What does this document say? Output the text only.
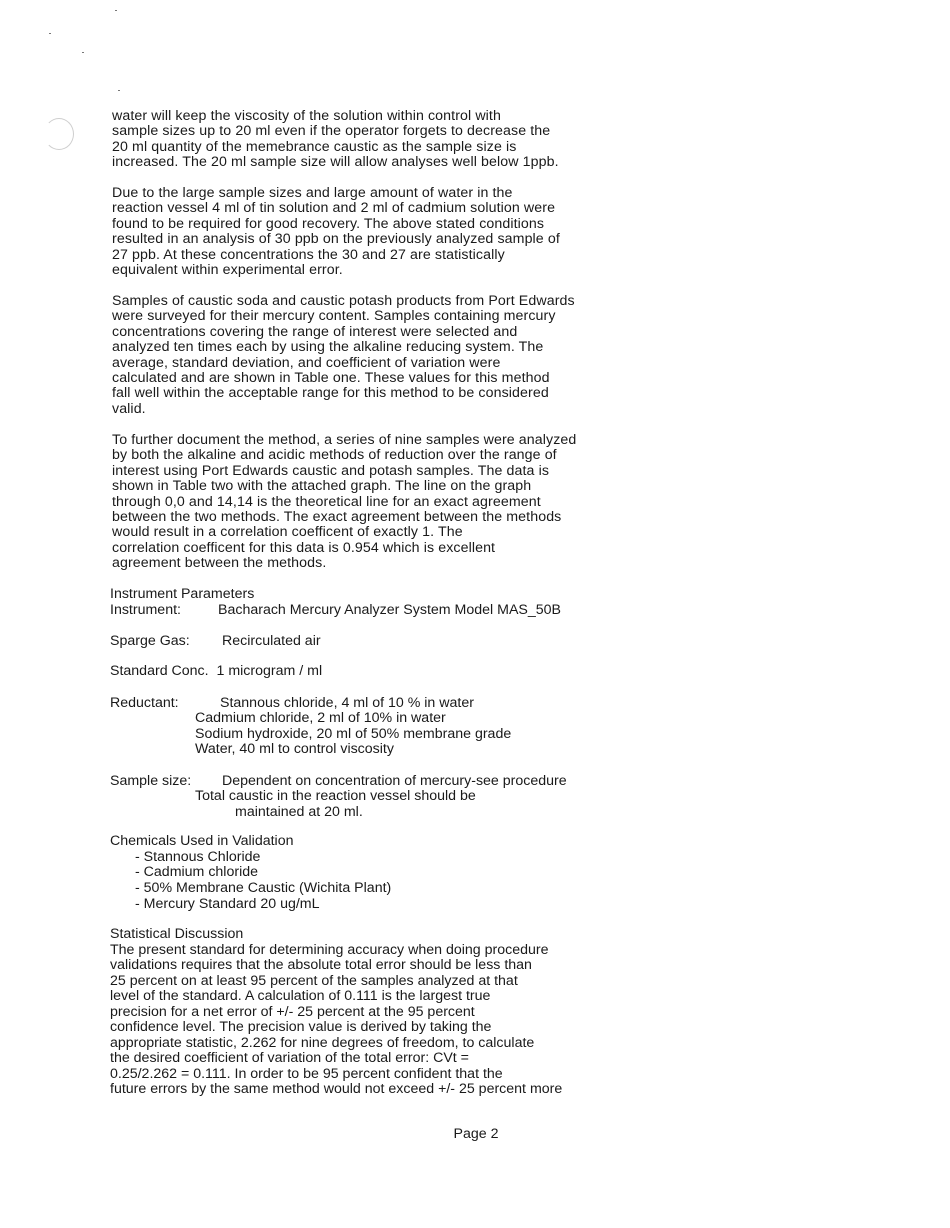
water will keep the viscosity of the solution within control with
sample sizes up to 20 ml even if the operator forgets to decrease the
20 ml quantity of the memebrance caustic as the sample size is
increased. The 20 ml sample size will allow analyses well below 1ppb.
Due to the large sample sizes and large amount of water in the
reaction vessel 4 ml of tin solution and 2 ml of cadmium solution were
found to be required for good recovery. The above stated conditions
resulted in an analysis of 30 ppb on the previously analyzed sample of
27 ppb. At these concentrations the 30 and 27 are statistically
equivalent within experimental error.
Samples of caustic soda and caustic potash products from Port Edwards
were surveyed for their mercury content. Samples containing mercury
concentrations covering the range of interest were selected and
analyzed ten times each by using the alkaline reducing system. The
average, standard deviation, and coefficient of variation were
calculated and are shown in Table one. These values for this method
fall well within the acceptable range for this method to be considered
valid.
To further document the method, a series of nine samples were analyzed
by both the alkaline and acidic methods of reduction over the range of
interest using Port Edwards caustic and potash samples. The data is
shown in Table two with the attached graph. The line on the graph
through 0,0 and 14,14 is the theoretical line for an exact agreement
between the two methods. The exact agreement between the methods
would result in a correlation coefficent of exactly 1. The
correlation coefficent for this data is 0.954 which is excellent
agreement between the methods.
Instrument Parameters
Instrument:	Bacharach Mercury Analyzer System Model MAS_50B
Sparge Gas: Recirculated air
Standard Conc. 1 microgram / ml
Reductant:	Stannous chloride, 4 ml of 10 % in water
Cadmium chloride, 2 ml of 10% in water
Sodium hydroxide, 20 ml of 50% membrane grade
Water, 40 ml to control viscosity
Sample size: Dependent on concentration of mercury-see procedure
Total caustic in the reaction vessel should be
maintained at 20 ml.
Chemicals Used in Validation
- Stannous Chloride
- Cadmium chloride
- 50% Membrane Caustic (Wichita Plant)
- Mercury Standard 20 ug/mL
Statistical Discussion
The present standard for determining accuracy when doing procedure
validations requires that the absolute total error should be less than
25 percent on at least 95 percent of the samples analyzed at that
level of the standard. A calculation of 0.111 is the largest true
precision for a net error of +/- 25 percent at the 95 percent
confidence level. The precision value is derived by taking the
appropriate statistic, 2.262 for nine degrees of freedom, to calculate
the desired coefficient of variation of the total error: CVt =
0.25/2.262 = 0.111. In order to be 95 percent confident that the
future errors by the same method would not exceed +/- 25 percent more
Page 2
